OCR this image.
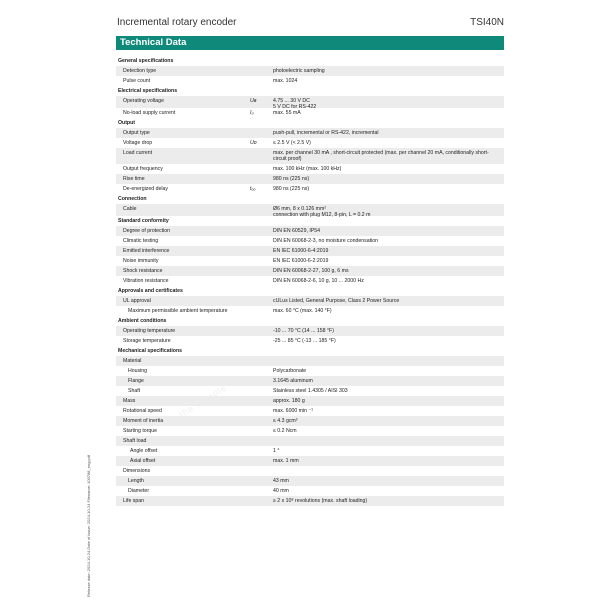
Incremental rotary encoder	TSI40N
Technical Data
General specifications
Detection type	photoelectric sampling
Pulse count	max. 1024
Electrical specifications
Operating voltage	Uʙ	4.75 ... 30 V DC
5 V DC for RS-422
No-load supply current	I₀	max. 55 mA
Output
Output type	push-pull, incremental or RS-422, incremental
Voltage drop	Uᴅ	≤ 2.5 V (< 2.5 V)
Load current	max. per channel 30 mA , short-circuit protected (max. per channel 20 mA, conditionally short-circuit proof)
Output frequency	max. 100 kHz (max. 100 kHz)
Rise time	980 ns (225 ns)
De-energized delay	tₒₒ	980 ns (225 ns)
Connection
Cable	Ø6 mm, 8 x 0.126 mm²
connection with plug M12, 8-pin, L = 0.2 m
Standard conformity
Degree of protection	DIN EN 60529, IP54
Climatic testing	DIN EN 60068-2-3, no moisture condensation
Emitted interference	EN IEC 61000-6-4:2019
Noise immunity	EN IEC 61000-6-2:2019
Shock resistance	DIN EN 60068-2-27, 100 g, 6 ms
Vibration resistance	DIN EN 60068-2-6, 10 g, 10 ... 2000 Hz
Approvals and certificates
UL approval	cULus Listed, General Purpose, Class 2 Power Source
Maximum permissible ambient temperature	max. 60 °C (max. 140 °F)
Ambient conditions
Operating temperature	-10 ... 70 °C (14 ... 158 °F)
Storage temperature	-25 ... 85 °C (-13 ... 185 °F)
Mechanical specifications
Material
Housing	Polycarbonate
Flange	3.1645 aluminum
Shaft	Stainless steel 1.4305 / AISI 303
Mass	approx. 180 g
Rotational speed	max. 6000 min ⁻¹
Moment of inertia	≤ 4.3 gcm²
Starting torque	≤ 0.2 Ncm
Shaft load
Angle offset	1 °
Axial offset	max. 1 mm
Dimensions
Length	43 mm
Diameter	40 mm
Life span	≥ 2 x 10⁸ revolutions (max. shaft loading)
Release date: 2024-10-24 Date of issue: 2024-10-24 Filename: 100788_eng.pdf
